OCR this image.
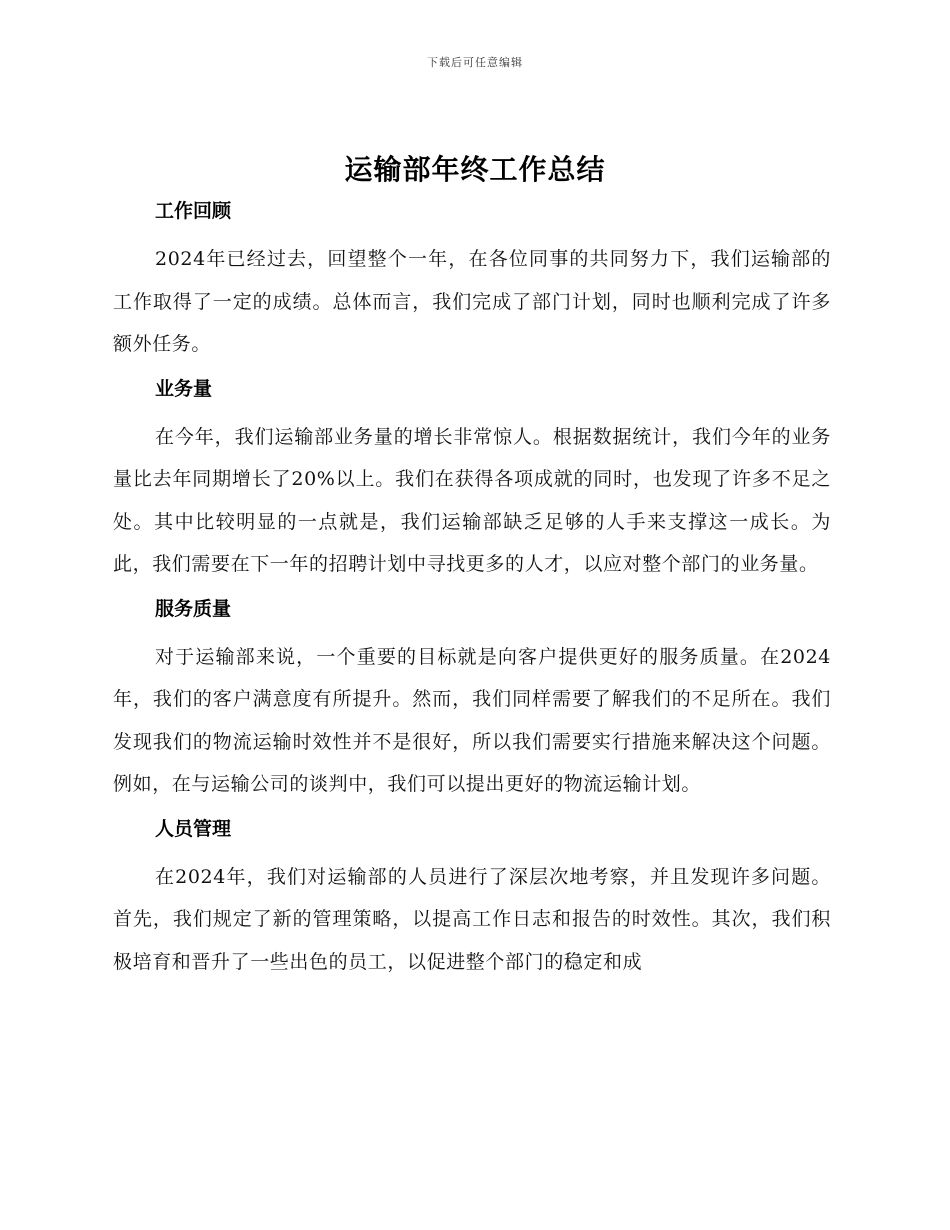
下载后可任意编辑
运输部年终工作总结
工作回顾

2024年已经过去，回望整个一年，在各位同事的共同努力下，我们运输部的工作取得了一定的成绩。总体而言，我们完成了部门计划，同时也顺利完成了许多额外任务。

业务量

在今年，我们运输部业务量的增长非常惊人。根据数据统计，我们今年的业务量比去年同期增长了20%以上。我们在获得各项成就的同时，也发现了许多不足之处。其中比较明显的一点就是，我们运输部缺乏足够的人手来支撑这一成长。为此，我们需要在下一年的招聘计划中寻找更多的人才，以应对整个部门的业务量。

服务质量

对于运输部来说，一个重要的目标就是向客户提供更好的服务质量。在2024年，我们的客户满意度有所提升。然而，我们同样需要了解我们的不足所在。我们发现我们的物流运输时效性并不是很好，所以我们需要实行措施来解决这个问题。例如，在与运输公司的谈判中，我们可以提出更好的物流运输计划。

人员管理

在2024年，我们对运输部的人员进行了深层次地考察，并且发现许多问题。首先，我们规定了新的管理策略，以提高工作日志和报告的时效性。其次，我们积极培育和晋升了一些出色的员工，以促进整个部门的稳定和成
